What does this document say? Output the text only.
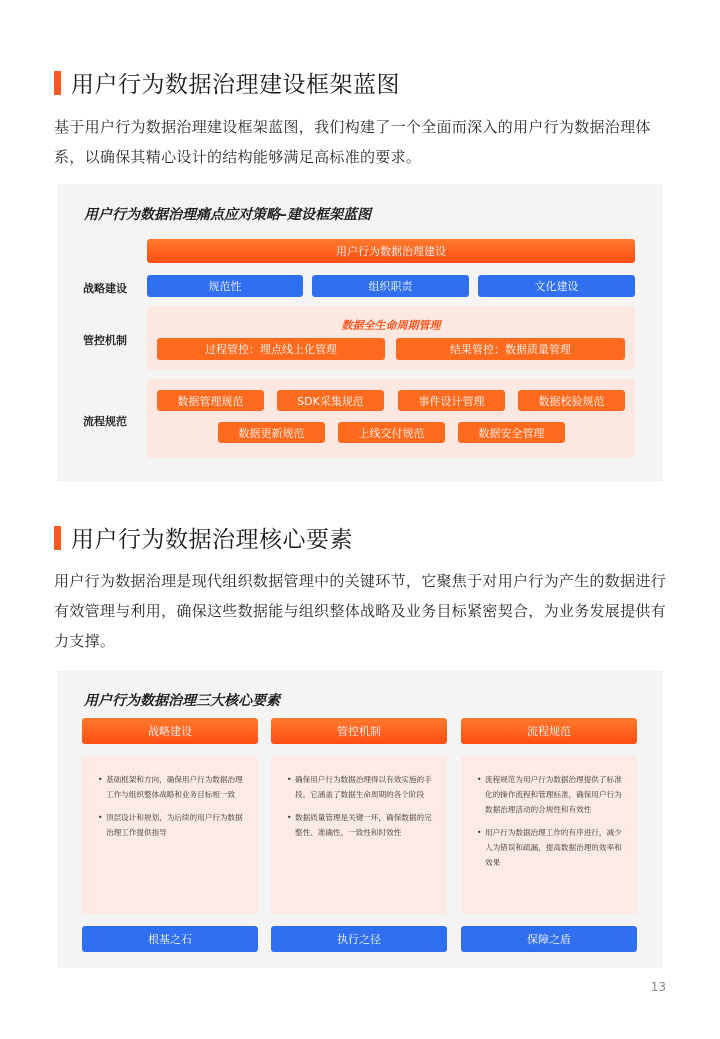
用户行为数据治理建设框架蓝图

基于用户行为数据治理建设框架蓝图，我们构建了一个全面而深入的用户行为数据治理体系，以确保其精心设计的结构能够满足高标准的要求。

用户行为数据治理痛点应对策略–建设框架蓝图
用户行为数据治理建设
战略建设	规范性	组织职责	文化建设
管控机制
数据全生命周期管理
过程管控：埋点线上化管理	结果管控：数据质量管理
流程规范
数据管理规范	SDK采集规范	事件设计管理	数据校验规范
数据更新规范	上线交付规范	数据安全管理
用户行为数据治理核心要素

用户行为数据治理是现代组织数据管理中的关键环节，它聚焦于对用户行为产生的数据进行有效管理与利用，确保这些数据能与组织整体战略及业务目标紧密契合，为业务发展提供有力支撑。

用户行为数据治理三大核心要素
战略建设
• 基础框架和方向，确保用户行为数据治理工作与组织整体战略和业务目标相一致
• 顶层设计和规划，为后续的用户行为数据治理工作提供指导
根基之石
管控机制
• 确保用户行为数据治理得以有效实施的手段。它涵盖了数据生命周期的各个阶段
• 数据质量管理是关键一环，确保数据的完整性、准确性、一致性和时效性
执行之径
流程规范
• 流程规范为用户行为数据治理提供了标准化的操作流程和管理标准，确保用户行为数据治理活动的合规性和有效性
• 用户行为数据治理工作的有序进行，减少人为错误和疏漏，提高数据治理的效率和效果
保障之盾
13
